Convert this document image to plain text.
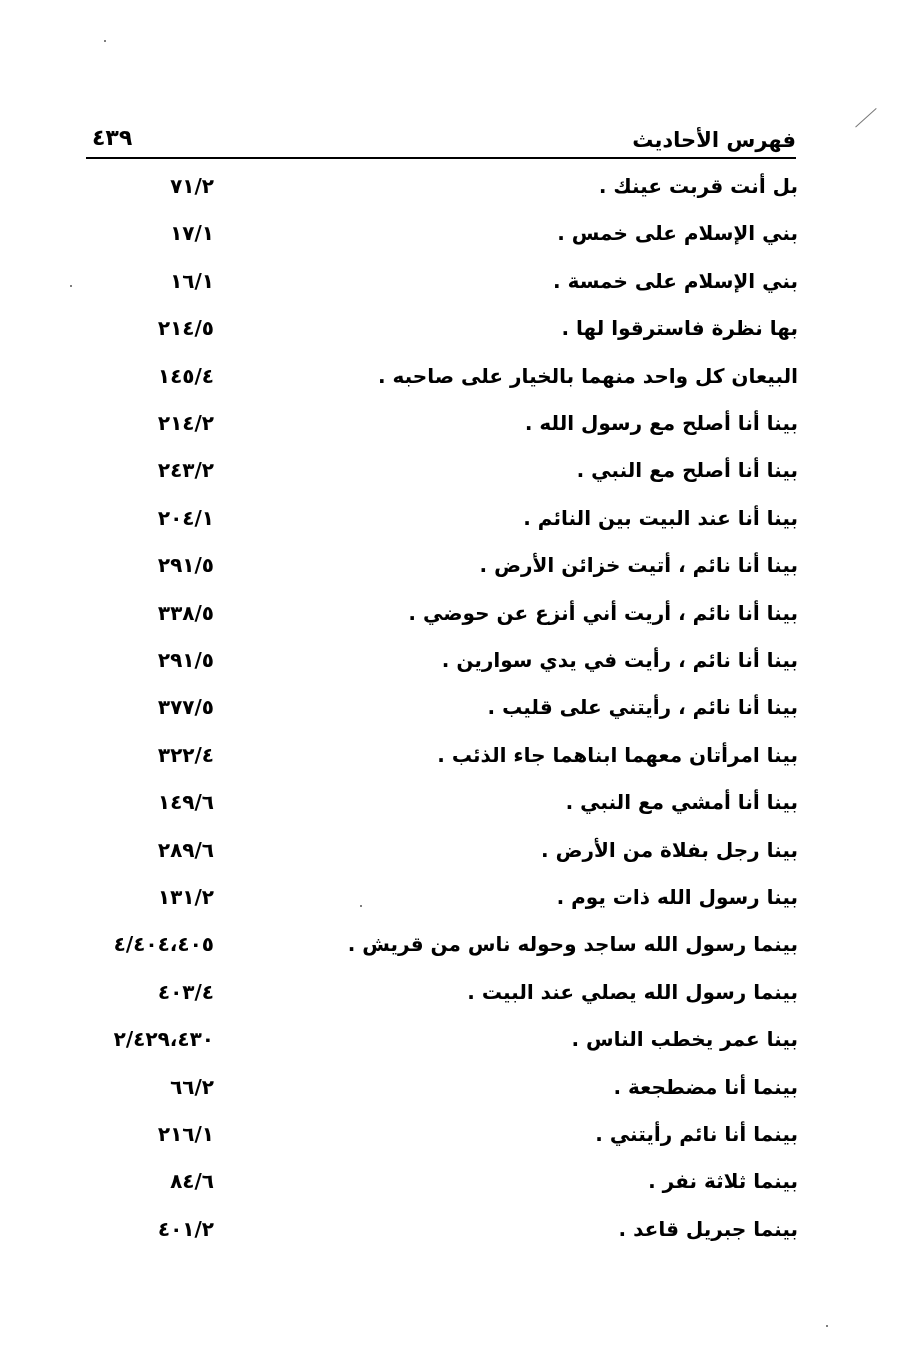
فهرس الأحاديث
٤٣٩
بل أنت قربت عينك .
٧١/٢
بني الإسلام على خمس .
١٧/١
بني الإسلام على خمسة .
١٦/١
بها نظرة فاسترقوا لها .
٢١٤/٥
البيعان كل واحد منهما بالخيار على صاحبه .
١٤٥/٤
بينا أنا أصلح مع رسول الله .
٢١٤/٢
بينا أنا أصلح مع النبي .
٢٤٣/٢
بينا أنا عند البيت بين النائم .
٢٠٤/١
بينا أنا نائم ، أتيت خزائن الأرض .
٢٩١/٥
بينا أنا نائم ، أريت أني أنزع عن حوضي .
٣٣٨/٥
بينا أنا نائم ، رأيت في يدي سوارين .
٢٩١/٥
بينا أنا نائم ، رأيتني على قليب .
٣٧٧/٥
بينا امرأتان معهما ابناهما جاء الذئب .
٣٢٢/٤
بينا أنا أمشي مع النبي .
١٤٩/٦
بينا رجل بفلاة من الأرض .
٢٨٩/٦
بينا رسول الله ذات يوم .
١٣١/٢
بينما رسول الله ساجد وحوله ناس من قريش .
٤/٤٠٤،٤٠٥
بينما رسول الله يصلي عند البيت .
٤٠٣/٤
بينا عمر يخطب الناس .
٢/٤٢٩،٤٣٠
بينما أنا مضطجعة .
٦٦/٢
بينما أنا نائم رأيتني .
٢١٦/١
بينما ثلاثة نفر .
٨٤/٦
بينما جبريل قاعد .
٤٠١/٢
